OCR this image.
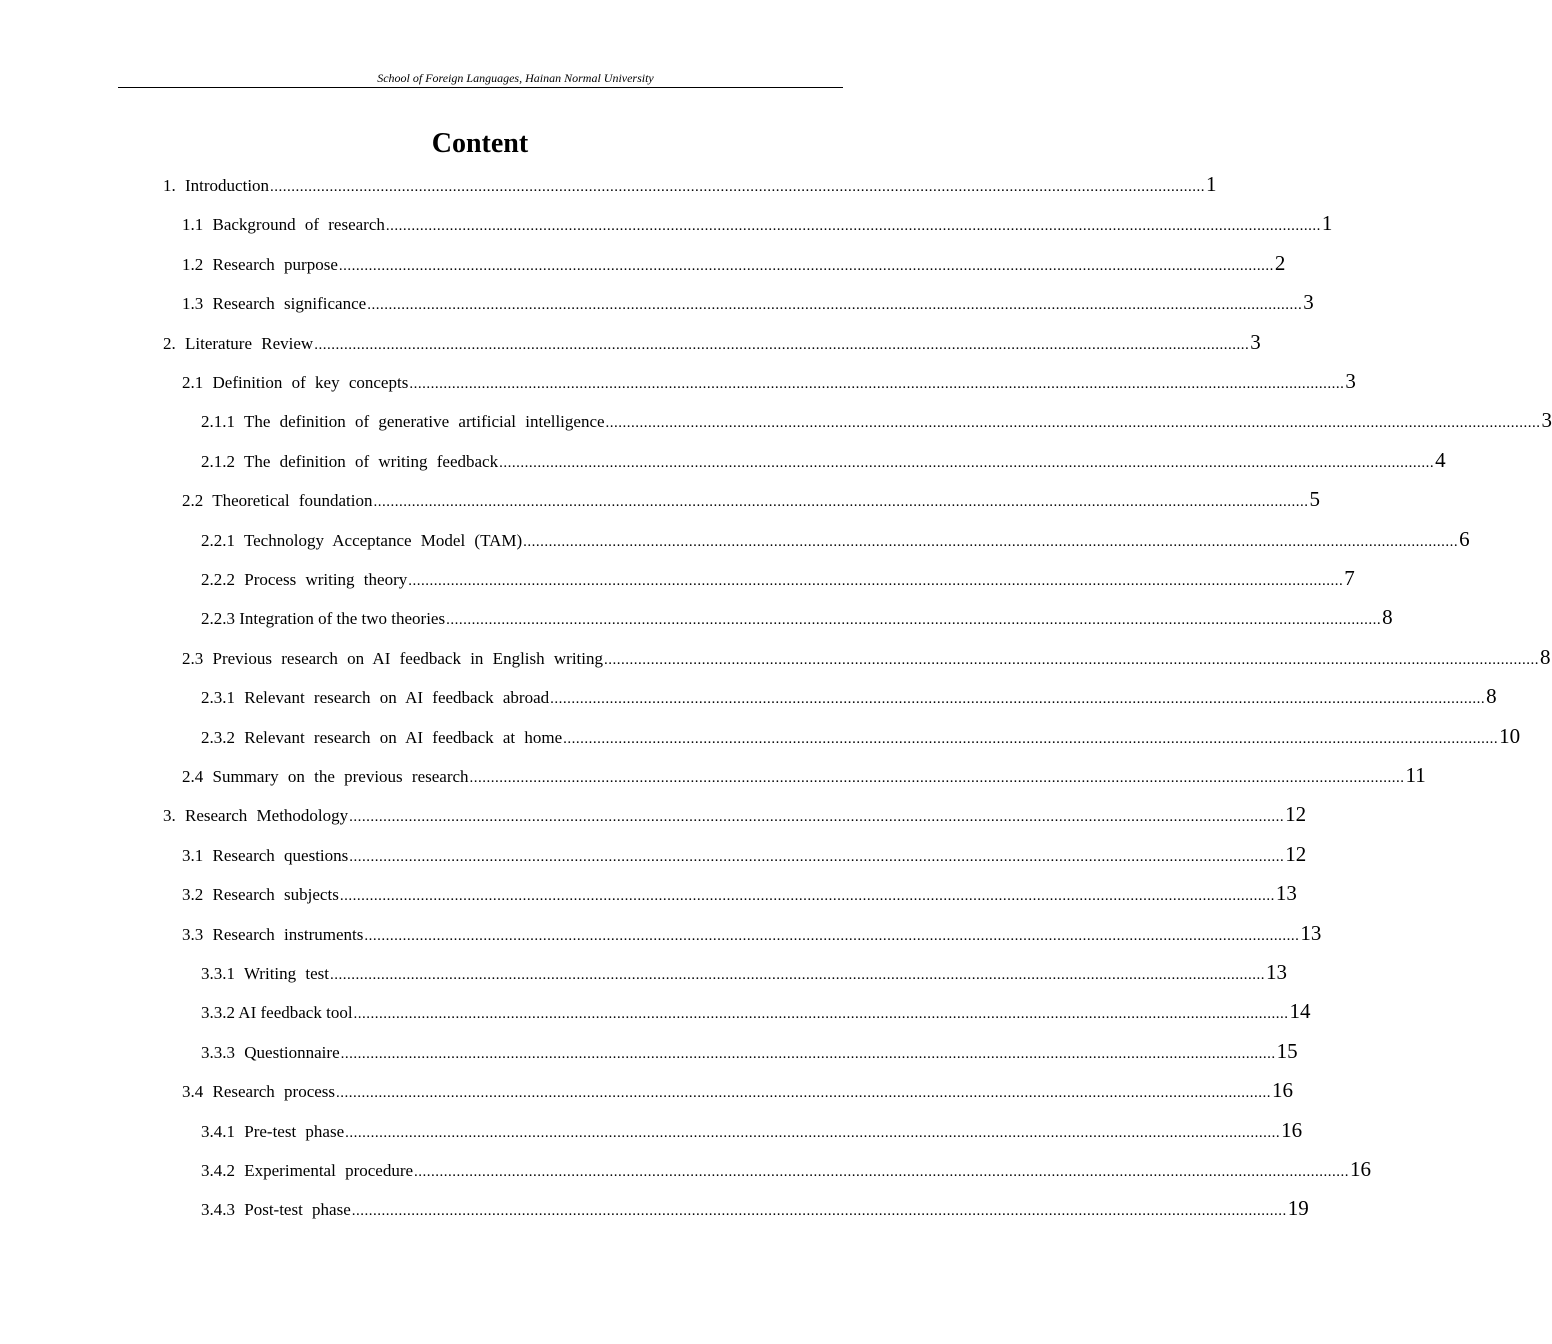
School of Foreign Languages, Hainan Normal University
Content
1. Introduction ............................................................................................................................................................................................................................ 1
1.1 Background of research ............................................................................................................................................................................................................................ 1
1.2 Research purpose ............................................................................................................................................................................................................................ 2
1.3 Research significance ............................................................................................................................................................................................................................ 3
2. Literature Review ............................................................................................................................................................................................................................ 3
2.1 Definition of key concepts ............................................................................................................................................................................................................................ 3
2.1.1 The definition of generative artificial intelligence ............................................................................................................................................................................................................................ 3
2.1.2 The definition of writing feedback ............................................................................................................................................................................................................................ 4
2.2 Theoretical foundation ............................................................................................................................................................................................................................ 5
2.2.1 Technology Acceptance Model (TAM) ............................................................................................................................................................................................................................ 6
2.2.2 Process writing theory ............................................................................................................................................................................................................................ 7
2.2.3 Integration of the two theories ............................................................................................................................................................................................................................ 8
2.3 Previous research on AI feedback in English writing ............................................................................................................................................................................................................................ 8
2.3.1 Relevant research on AI feedback abroad ............................................................................................................................................................................................................................ 8
2.3.2 Relevant research on AI feedback at home ............................................................................................................................................................................................................................ 10
2.4 Summary on the previous research ............................................................................................................................................................................................................................ 11
3. Research Methodology ............................................................................................................................................................................................................................ 12
3.1 Research questions ............................................................................................................................................................................................................................ 12
3.2 Research subjects ............................................................................................................................................................................................................................ 13
3.3 Research instruments ............................................................................................................................................................................................................................ 13
3.3.1 Writing test ............................................................................................................................................................................................................................ 13
3.3.2 AI feedback tool ............................................................................................................................................................................................................................ 14
3.3.3 Questionnaire ............................................................................................................................................................................................................................ 15
3.4 Research process ............................................................................................................................................................................................................................ 16
3.4.1 Pre-test phase ............................................................................................................................................................................................................................ 16
3.4.2 Experimental procedure ............................................................................................................................................................................................................................ 16
3.4.3 Post-test phase ............................................................................................................................................................................................................................ 19
